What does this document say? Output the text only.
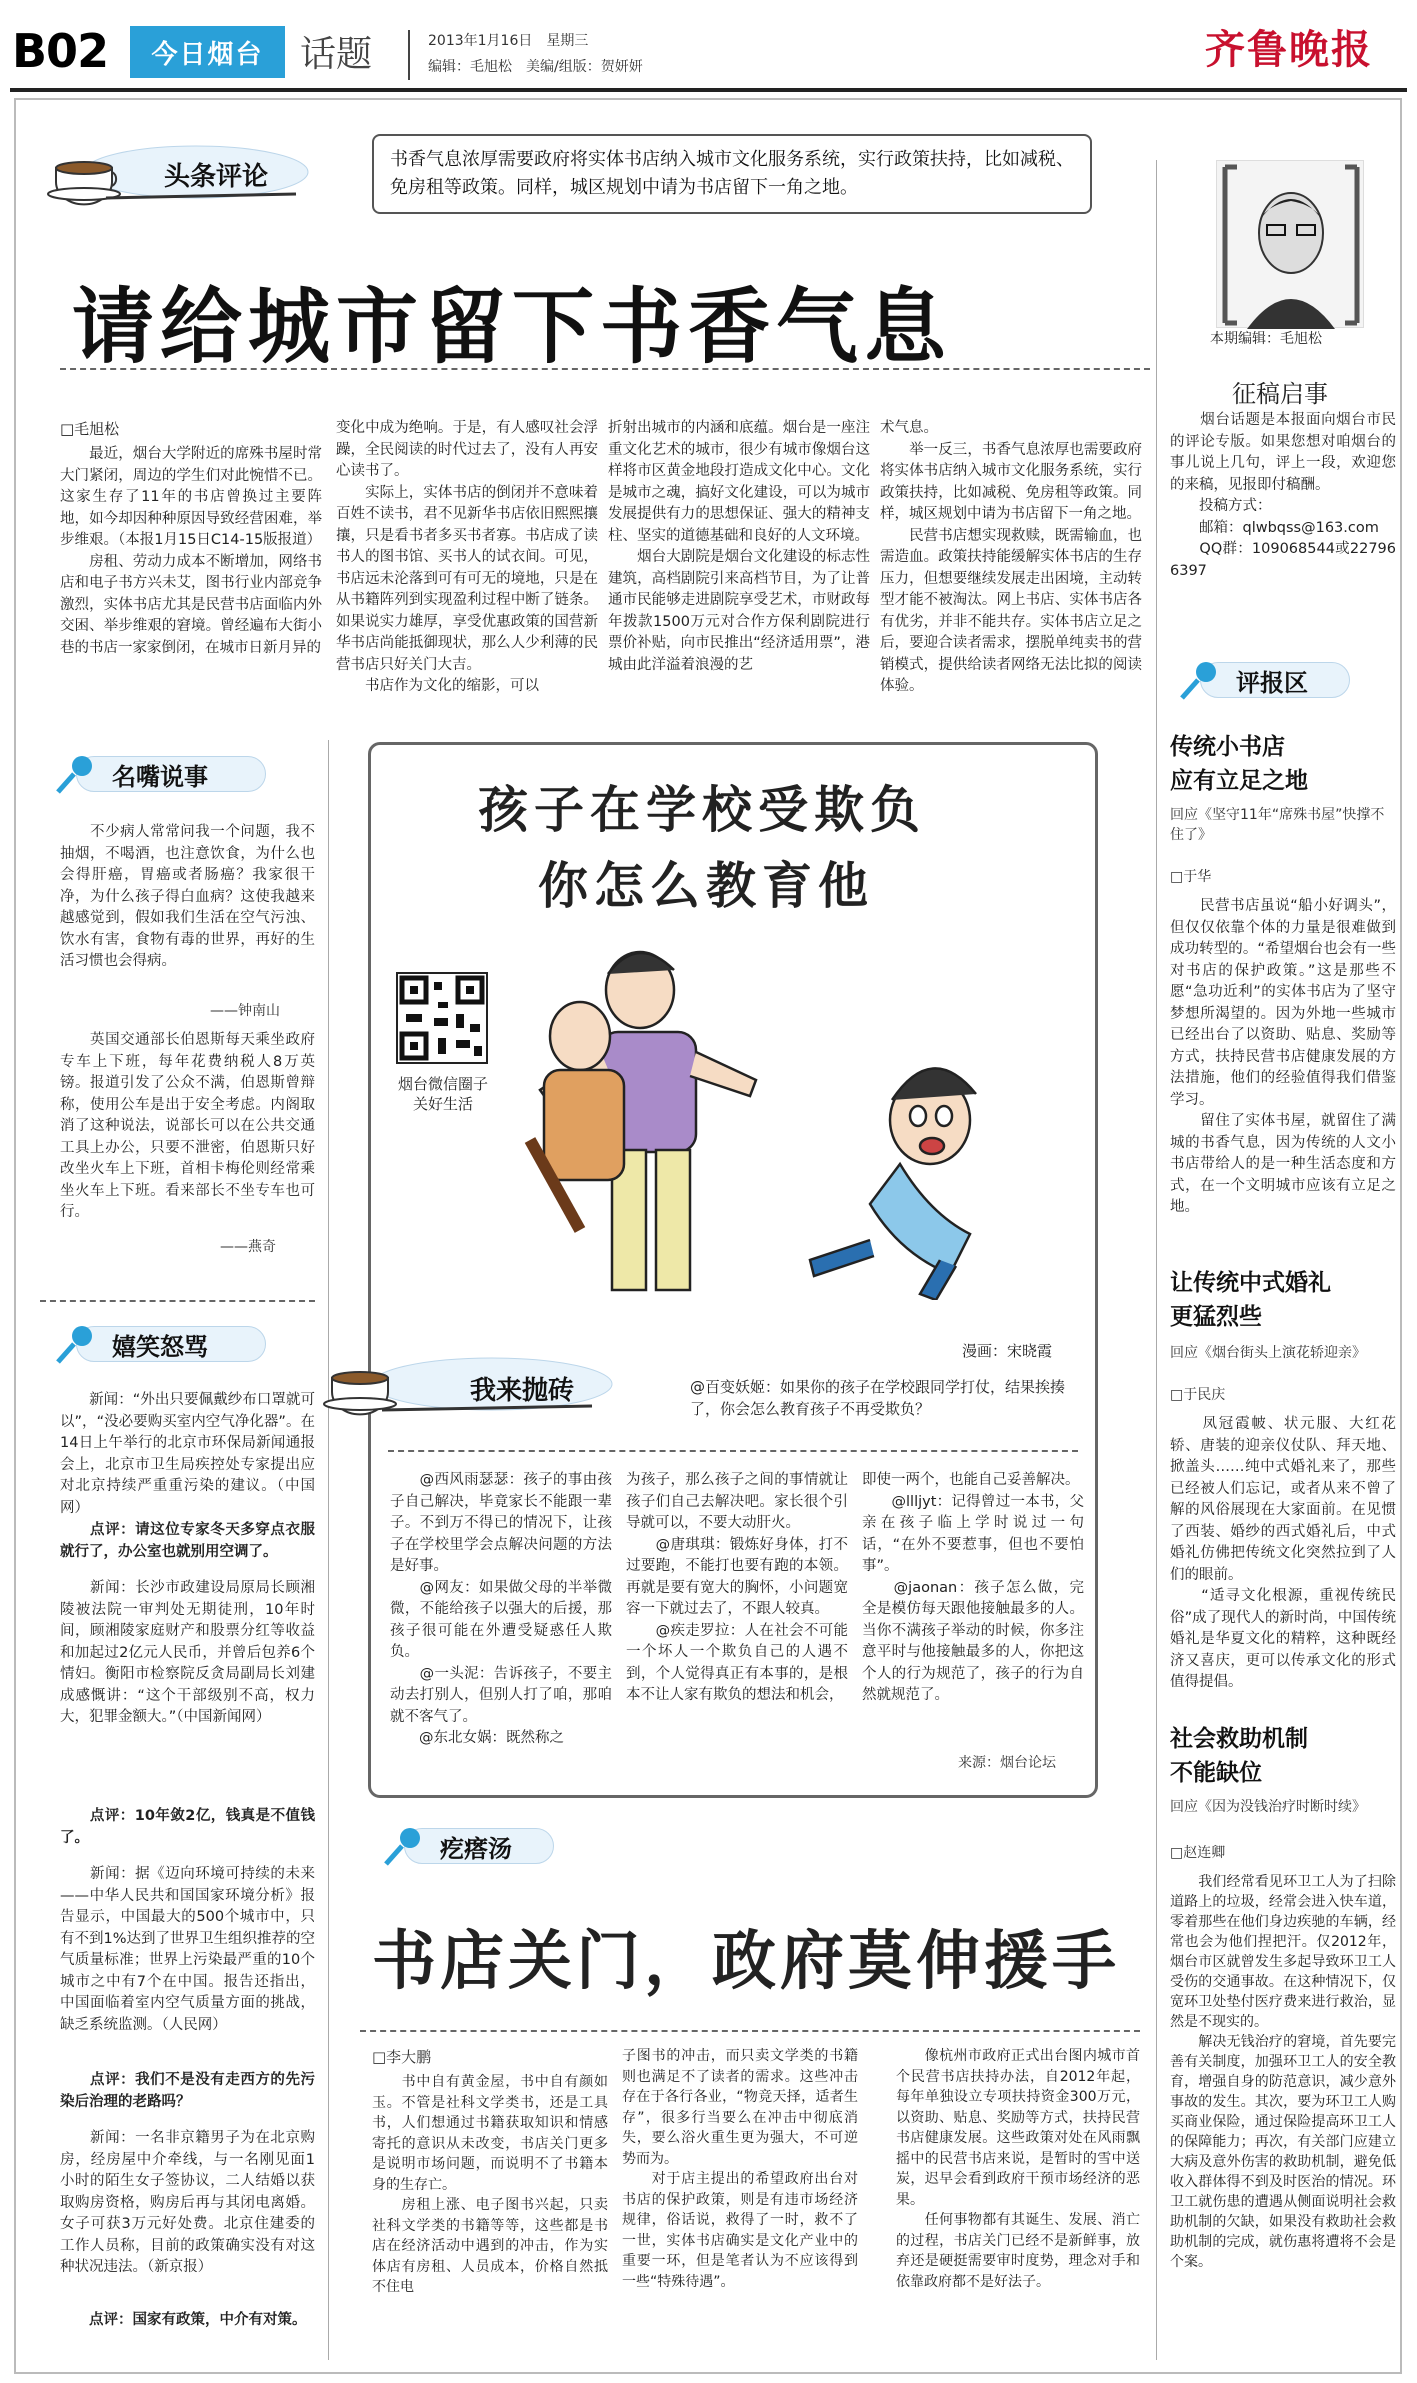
B02	今日烟台	话题	2013年1月16日　星期三
编辑：毛旭松　美编/组版：贺妍妍	齐鲁晚报
头条评论
书香气息浓厚需要政府将实体书店纳入城市文化服务系统，实行政策扶持，比如减税、免房租等政策。同样，城区规划中请为书店留下一角之地。
请给城市留下书香气息	本期编辑：毛旭松
征稿启事
　　烟台话题是本报面向烟台市民的评论专版。如果您想对咱烟台的事儿说上几句，评上一段，欢迎您的来稿，见报即付稿酬。
　　投稿方式：
　　邮箱：qlwbqss@163.com
　　QQ群：109068544或227966397
□毛旭松
　　最近，烟台大学附近的席殊书屋时常大门紧闭，周边的学生们对此惋惜不已。这家生存了11年的书店曾换过主要阵地，如今却因种种原因导致经营困难，举步维艰。（本报1月15日C14-15版报道）
　　房租、劳动力成本不断增加，网络书店和电子书方兴未艾，图书行业内部竞争激烈，实体书店尤其是民营书店面临内外交困、举步维艰的窘境。曾经遍布大街小巷的书店一家家倒闭，在城市日新月异的
变化中成为绝响。于是，有人感叹社会浮躁，全民阅读的时代过去了，没有人再安心读书了。
　　实际上，实体书店的倒闭并不意味着百姓不读书，君不见新华书店依旧熙熙攘攘，只是看书者多买书者寡。书店成了读书人的图书馆、买书人的试衣间。可见，书店远未沦落到可有可无的境地，只是在从书籍阵列到实现盈利过程中断了链条。如果说实力雄厚，享受优惠政策的国营新华书店尚能抵御现状，那么人少利薄的民营书店只好关门大吉。
　　书店作为文化的缩影，可以
折射出城市的内涵和底蕴。烟台是一座注重文化艺术的城市，很少有城市像烟台这样将市区黄金地段打造成文化中心。文化是城市之魂，搞好文化建设，可以为城市发展提供有力的思想保证、强大的精神支柱、坚实的道德基础和良好的人文环境。
　　烟台大剧院是烟台文化建设的标志性建筑，高档剧院引来高档节目，为了让普通市民能够走进剧院享受艺术，市财政每年拨款1500万元对合作方保利剧院进行票价补贴，向市民推出“经济适用票”，港城由此洋溢着浪漫的艺
术气息。
　　举一反三，书香气息浓厚也需要政府将实体书店纳入城市文化服务系统，实行政策扶持，比如减税、免房租等政策。同样，城区规划中请为书店留下一角之地。
　　民营书店想实现救赎，既需输血，也需造血。政策扶持能缓解实体书店的生存压力，但想要继续发展走出困境，主动转型才能不被淘汰。网上书店、实体书店各有优劣，并非不能共存。实体书店立足之后，要迎合读者需求，摆脱单纯卖书的营销模式，提供给读者网络无法比拟的阅读体验。
名嘴说事
　　不少病人常常问我一个问题，我不抽烟，不喝酒，也注意饮食，为什么也会得肝癌，胃癌或者肠癌？我家很干净，为什么孩子得白血病？这使我越来越感觉到，假如我们生活在空气污浊、饮水有害，食物有毒的世界，再好的生活习惯也会得病。
——钟南山
　　英国交通部长伯恩斯每天乘坐政府专车上下班，每年花费纳税人8万英镑。报道引发了公众不满，伯恩斯曾辩称，使用公车是出于安全考虑。内阁取消了这种说法，说部长可以在公共交通工具上办公，只要不泄密，伯恩斯只好改坐火车上下班，首相卡梅伦则经常乘坐火车上下班。看来部长不坐专车也可行。
——燕奇
嬉笑怒骂
　　新闻：“外出只要佩戴纱布口罩就可以”，“没必要购买室内空气净化器”。在14日上午举行的北京市环保局新闻通报会上，北京市卫生局疾控处专家提出应对北京持续严重重污染的建议。（中国网）
　　点评：请这位专家冬天多穿点衣服就行了，办公室也就别用空调了。
　　新闻：长沙市政建设局原局长顾湘陵被法院一审判处无期徒刑，10年时间，顾湘陵家庭财产和股票分红等收益和加起过2亿元人民币，并曾后包养6个情妇。衡阳市检察院反贪局副局长刘建成感慨讲：“这个干部级别不高，权力大，犯罪金额大。”（中国新闻网）
　　点评：10年敛2亿，钱真是不值钱了。
　　新闻：据《迈向环境可持续的未来——中华人民共和国国家环境分析》报告显示，中国最大的500个城市中，只有不到1%达到了世界卫生组织推荐的空气质量标准；世界上污染最严重的10个城市之中有7个在中国。报告还指出，中国面临着室内空气质量方面的挑战，缺乏系统监测。（人民网）
　　点评：我们不是没有走西方的先污染后治理的老路吗？
　　新闻：一名非京籍男子为在北京购房，经房屋中介牵线，与一名刚见面1小时的陌生女子签协议，二人结婚以获取购房资格，购房后再与其闭电离婚。女子可获3万元好处费。北京住建委的工作人员称，目前的政策确实没有对这种状况违法。（新京报）
　　点评：国家有政策，中介有对策。
孩子在学校受欺负
你怎么教育他
烟台微信圈子
关好生活
漫画：宋晓霞
我来抛砖	@百变妖姬：如果你的孩子在学校跟同学打仗，结果挨揍了，你会怎么教育孩子不再受欺负？
　　@西风雨瑟瑟：孩子的事由孩子自己解决，毕竟家长不能跟一辈子。不到万不得已的情况下，让孩子在学校里学会点解决问题的方法是好事。
　　@网友：如果做父母的半举微微，不能给孩子以强大的后援，那孩子很可能在外遭受疑惑任人欺负。
　　@一头泥：告诉孩子，不要主动去打别人，但别人打了咱，那咱就不客气了。
　　@东北女娲：既然称之
为孩子，那么孩子之间的事情就让孩子们自己去解决吧。家长很个引导就可以，不要大动肝火。
　　@唐琪琪：锻炼好身体，打不过要跑，不能打也要有跑的本领。再就是要有宽大的胸怀，小问题宽容一下就过去了，不跟人较真。
　　@疾走罗拉：人在社会不可能一个坏人一个欺负自己的人遇不到，个人觉得真正有本事的，是根本不让人家有欺负的想法和机会，
即使一两个，也能自己妥善解决。
　　@llljyt：记得曾过一本书，父亲在孩子临上学时说过一句话，“在外不要惹事，但也不要怕事”。
　　@jaonan：孩子怎么做，完全是模仿每天跟他接触最多的人。当你不满孩子举动的时候，你多注意平时与他接触最多的人，你把这个人的行为规范了，孩子的行为自然就规范了。
来源：烟台论坛
评报区
传统小书店
应有立足之地
回应《坚守11年“席殊书屋”快撑不住了》
□于华
　　民营书店虽说“船小好调头”，但仅仅依靠个体的力量是很难做到成功转型的。“希望烟台也会有一些对书店的保护政策。”这是那些不愿“急功近利”的实体书店为了坚守梦想所渴望的。因为外地一些城市已经出台了以资助、贴息、奖励等方式，扶持民营书店健康发展的方法措施，他们的经验值得我们借鉴学习。
　　留住了实体书屋，就留住了满城的书香气息，因为传统的人文小书店带给人的是一种生活态度和方式，在一个文明城市应该有立足之地。
让传统中式婚礼
更猛烈些
回应《烟台街头上演花轿迎亲》
□于民庆
　　凤冠霞帔、状元服、大红花轿、唐装的迎亲仪仗队、拜天地、掀盖头……纯中式婚礼来了，那些已经被人们忘记，或者从来不曾了解的风俗展现在大家面前。在见惯了西装、婚纱的西式婚礼后，中式婚礼仿佛把传统文化突然拉到了人们的眼前。
　　“适寻文化根源，重视传统民俗”成了现代人的新时尚，中国传统婚礼是华夏文化的精粹，这种既经济又喜庆，更可以传承文化的形式值得提倡。
社会救助机制
不能缺位
回应《因为没钱治疗时断时续》
□赵连卿
　　我们经常看见环卫工人为了扫除道路上的垃圾，经常会进入快车道，零着那些在他们身边疾驰的车辆，经常也会为他们捏把汗。仅2012年，烟台市区就曾发生多起导致环卫工人受伤的交通事故。在这种情况下，仅宽环卫处垫付医疗费来进行救治，显然是不现实的。
　　解决无钱治疗的窘境，首先要完善有关制度，加强环卫工人的安全教育，增强自身的防范意识，减少意外事故的发生。其次，要为环卫工人购买商业保险，通过保险提高环卫工人的保障能力；再次，有关部门应建立大病及意外伤害的救助机制，避免低收入群体得不到及时医治的情况。环卫工就伤患的遭遇从侧面说明社会救助机制的欠缺，如果没有救助社会救助机制的完成，就伤惠将遭将不会是个案。
疙瘩汤
书店关门，政府莫伸援手
□李大鹏
　　书中自有黄金屋，书中自有颜如玉。不管是社科文学类书，还是工具书，人们想通过书籍获取知识和情感寄托的意识从未改变，书店关门更多是说明市场问题，而说明不了书籍本身的生存亡。
　　房租上涨、电子图书兴起，只卖社科文学类的书籍等等，这些都是书店在经济活动中遇到的冲击，作为实体店有房租、人员成本，价格自然抵不住电
子图书的冲击，而只卖文学类的书籍则也满足不了读者的需求。这些冲击存在于各行各业，“物竞天择，适者生存”，很多行当要么在冲击中彻底消失，要么浴火重生更为强大，不可逆势而为。
　　对于店主提出的希望政府出台对书店的保护政策，则是有违市场经济规律，俗话说，救得了一时，救不了一世，实体书店确实是文化产业中的重要一环，但是笔者认为不应该得到一些“特殊待遇”。
　　像杭州市政府正式出台图内城市首个民营书店扶持办法，自2012年起，每年单独设立专项扶持资金300万元，以资助、贴息、奖励等方式，扶持民营书店健康发展。这些政策对处在风雨飘摇中的民营书店来说，是暂时的雪中送炭，迟早会看到政府干预市场经济的恶果。
　　任何事物都有其诞生、发展、消亡的过程，书店关门已经不是新鲜事，放弃还是硬挺需要审时度势，理念对手和依靠政府都不是好法子。
